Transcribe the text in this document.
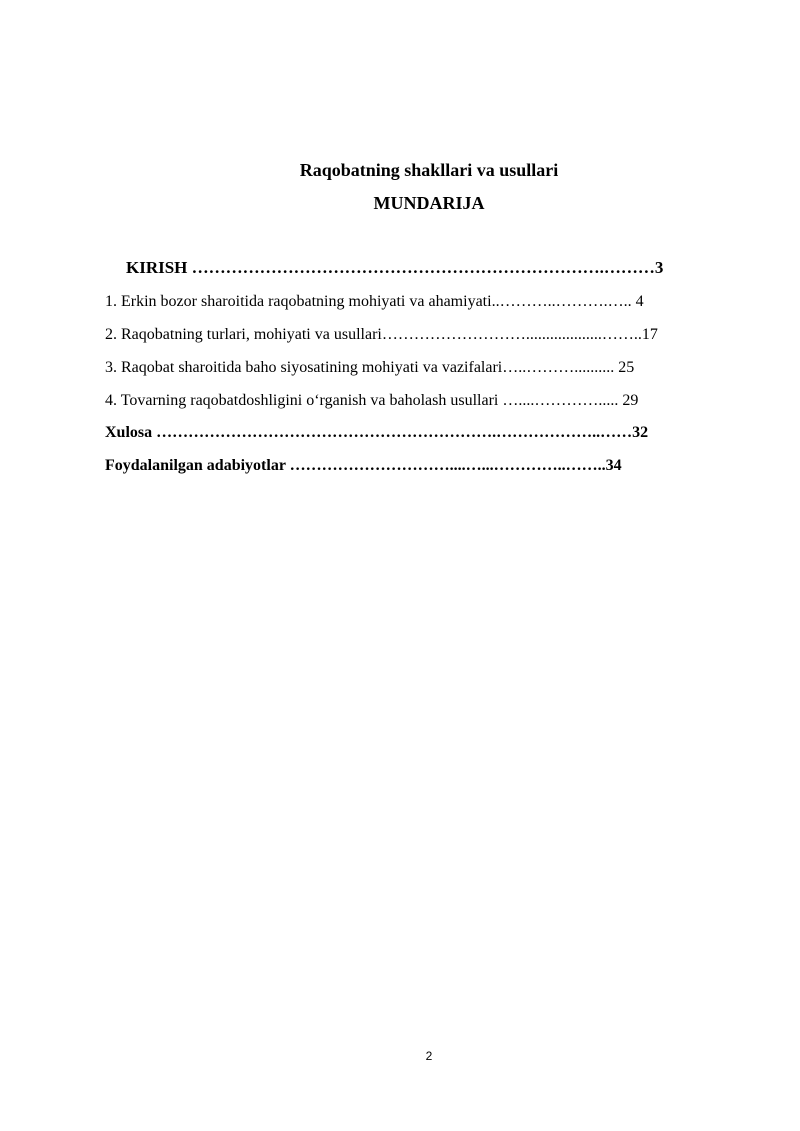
Raqobatning shakllari va usullari
MUNDARIJA
KIRISH ……………………………………………………………….………3
1. Erkin bozor sharoitida raqobatning mohiyati va ahamiyati..………..……….….. 4
2. Raqobatning turlari, mohiyati va usullari………………………...................……..17
3. Raqobat sharoitida baho siyosatining mohiyati va vazifalari…..……….......... 25
4. Tovarning raqobatdoshligini o‘rganish va baholash usullari …....…………..... 29
Xulosa ……………………………………………………….………………..……32
Foydalanilgan adabiyotlar …………………………....…...…………..……..34
2
